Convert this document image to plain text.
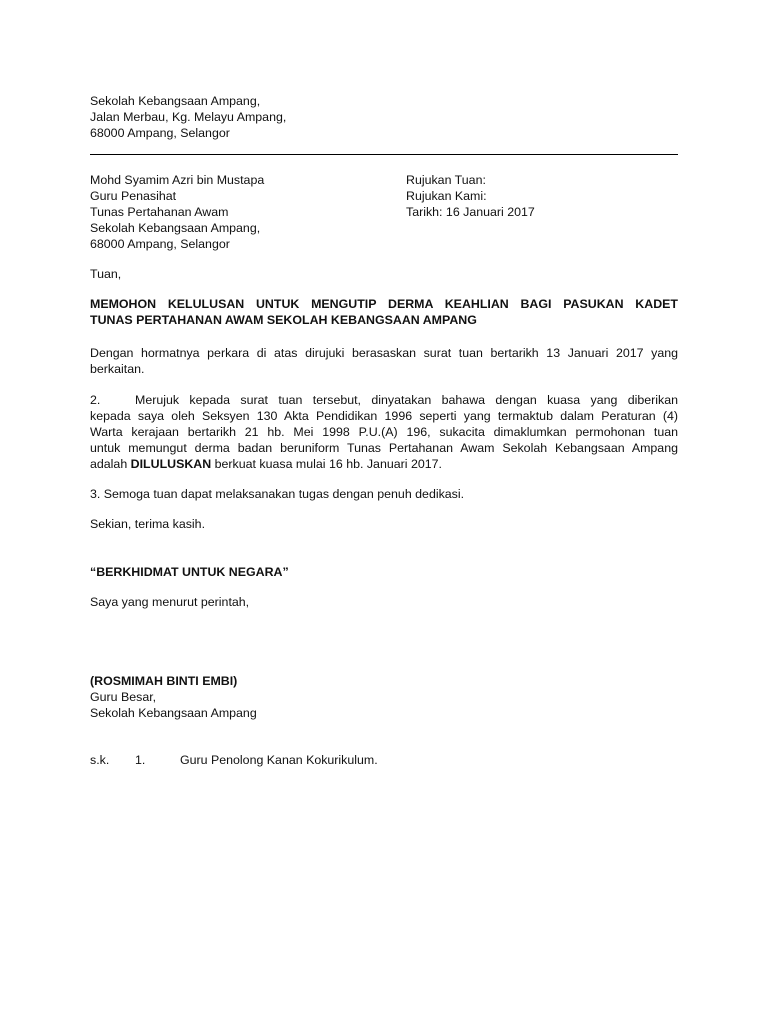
Sekolah Kebangsaan Ampang,
Jalan Merbau, Kg. Melayu Ampang,
68000 Ampang, Selangor
Mohd Syamim Azri bin Mustapa
Guru Penasihat
Tunas Pertahanan Awam
Sekolah Kebangsaan Ampang,
68000 Ampang, Selangor
Rujukan Tuan:
Rujukan Kami:
Tarikh: 16 Januari 2017
Tuan,
MEMOHON KELULUSAN UNTUK MENGUTIP DERMA KEAHLIAN BAGI PASUKAN KADET
TUNAS PERTAHANAN AWAM SEKOLAH KEBANGSAAN AMPANG
Dengan hormatnya perkara di atas dirujuki berasaskan surat tuan bertarikh 13 Januari 2017 yang
berkaitan.
2.	Merujuk kepada surat tuan tersebut, dinyatakan bahawa dengan kuasa yang diberikan
kepada saya oleh Seksyen 130 Akta Pendidikan 1996 seperti yang termaktub dalam Peraturan (4)
Warta kerajaan bertarikh 21 hb. Mei 1998 P.U.(A) 196, sukacita dimaklumkan permohonan tuan
untuk memungut derma badan beruniform Tunas Pertahanan Awam Sekolah Kebangsaan Ampang
adalah DILULUSKAN berkuat kuasa mulai 16 hb. Januari 2017.
3. Semoga tuan dapat melaksanakan tugas dengan penuh dedikasi.
Sekian, terima kasih.
“BERKHIDMAT UNTUK NEGARA”
Saya yang menurut perintah,
(ROSMIMAH BINTI EMBI)
Guru Besar,
Sekolah Kebangsaan Ampang
s.k. 1.	Guru Penolong Kanan Kokurikulum.
